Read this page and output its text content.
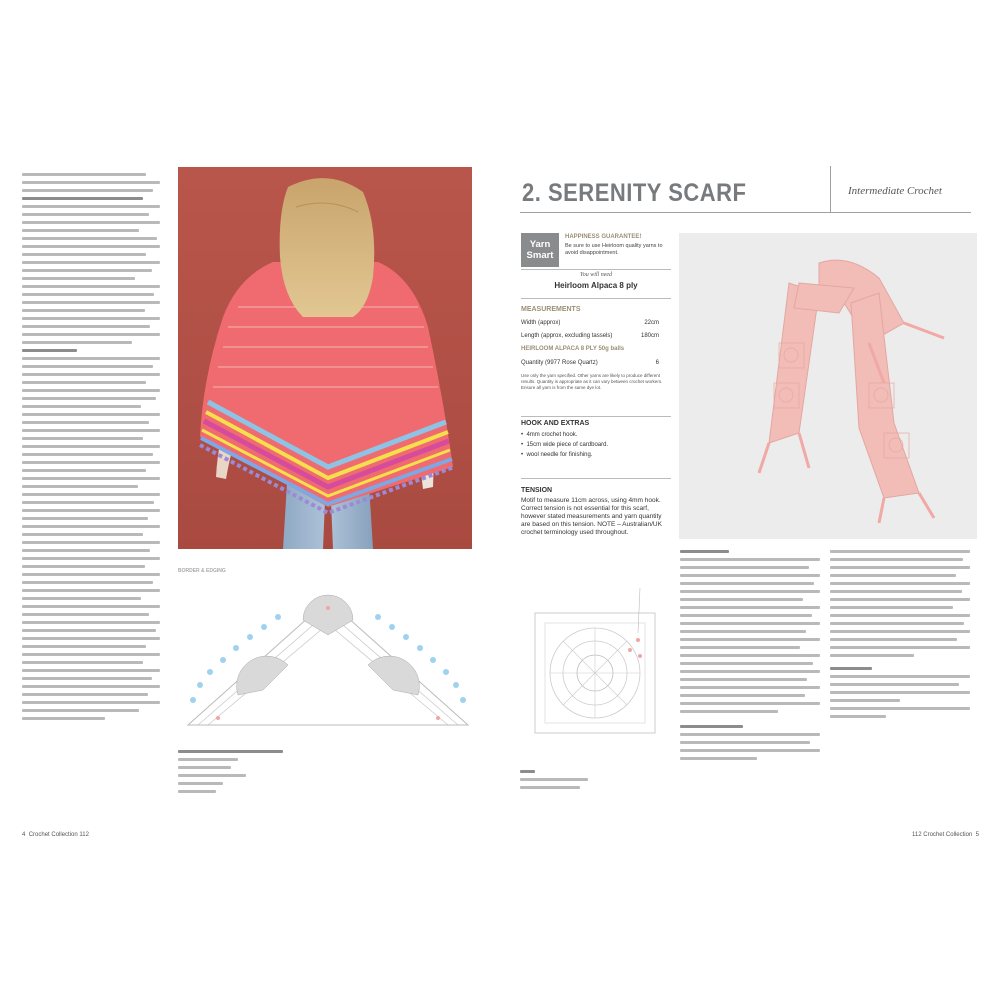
BORDER & EDGING
4 Crochet Collection 112
2. SERENITY SCARF	Intermediate Crochet
Yarn
Smart
HAPPINESS GUARANTEE!
Be sure to use Heirloom quality yarns to avoid disappointment.
You will need
Heirloom Alpaca 8 ply
MEASUREMENTS
Width (approx)	22cm
Length (approx, excluding tassels)	180cm
HEIRLOOM ALPACA 8 PLY 50g balls
Quantity (9977 Rose Quartz)	6
Use only the yarn specified. Other yarns are likely to produce different results. Quantity is appropriate as it can vary between crochet workers. Ensure all yarn is from the same dye lot.
HOOK AND EXTRAS
•  4mm crochet hook.
•  15cm wide piece of cardboard.
•  wool needle for finishing.
TENSION
Motif to measure 11cm across, using 4mm hook. Correct tension is not essential for this scarf, however stated measurements and yarn quantity are based on this tension. NOTE – Australian/UK crochet terminology used throughout.
112 Crochet Collection 5
